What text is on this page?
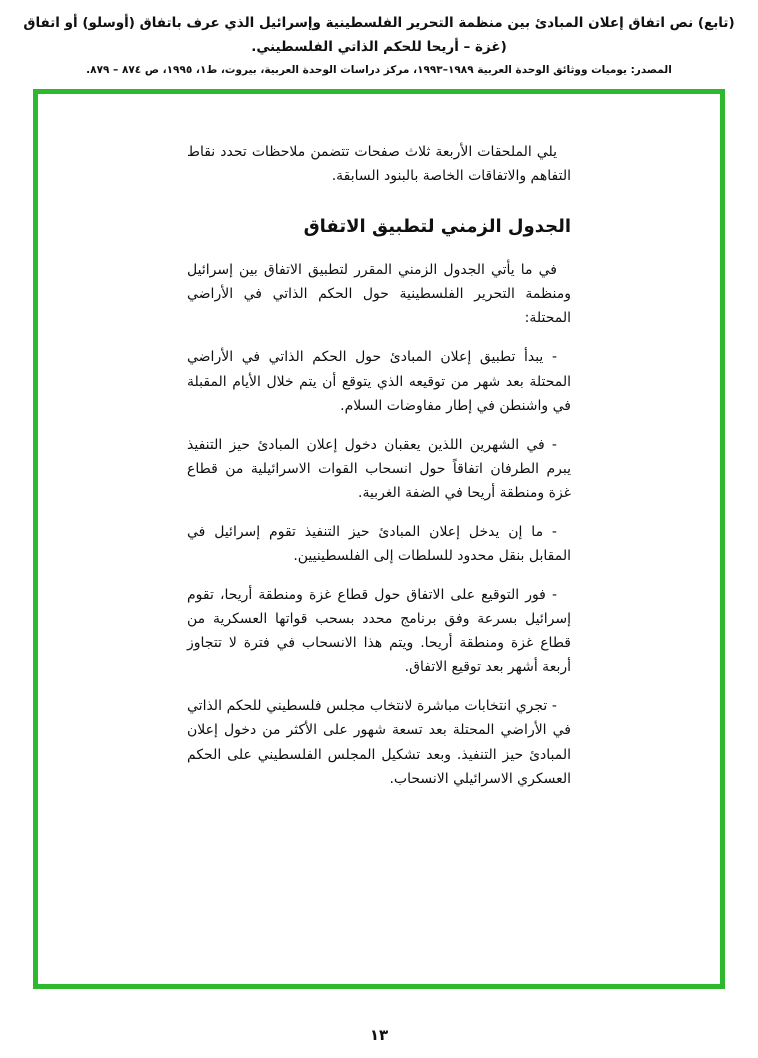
(تابع) نص اتفاق إعلان المبادئ بين منظمة التحرير الفلسطينية وإسرائيل الذي عرف باتفاق (أوسلو) أو اتفاق (غزة – أريحا للحكم الذاتي الفلسطيني.
المصدر: يوميات ووثائق الوحدة العربية ١٩٨٩–١٩٩٣، مركز دراسات الوحدة العربية، بيروت، ط١، ١٩٩٥، ص ٨٧٤ – ٨٧٩.

يلي الملحقات الأربعة ثلاث صفحات تتضمن ملاحظات تحدد نقاط التفاهم والاتفاقات الخاصة بالبنود السابقة.

الجدول الزمني لتطبيق الاتفاق

في ما يأتي الجدول الزمني المقرر لتطبيق الاتفاق بين إسرائيل ومنظمة التحرير الفلسطينية حول الحكم الذاتي في الأراضي المحتلة:

- يبدأ تطبيق إعلان المبادئ حول الحكم الذاتي في الأراضي المحتلة بعد شهر من توقيعه الذي يتوقع أن يتم خلال الأيام المقبلة في واشنطن في إطار مفاوضات السلام.

- في الشهرين اللذين يعقبان دخول إعلان المبادئ حيز التنفيذ يبرم الطرفان اتفاقاً حول انسحاب القوات الاسرائيلية من قطاع غزة ومنطقة أريحا في الضفة الغربية.

- ما إن يدخل إعلان المبادئ حيز التنفيذ تقوم إسرائيل في المقابل بنقل محدود للسلطات إلى الفلسطينيين.

- فور التوقيع على الاتفاق حول قطاع غزة ومنطقة أريحا، تقوم إسرائيل بسرعة وفق برنامج محدد بسحب قواتها العسكرية من قطاع غزة ومنطقة أريحا. ويتم هذا الانسحاب في فترة لا تتجاوز أربعة أشهر بعد توقيع الاتفاق.

- تجري انتخابات مباشرة لانتخاب مجلس فلسطيني للحكم الذاتي في الأراضي المحتلة بعد تسعة شهور على الأكثر من دخول إعلان المبادئ حيز التنفيذ. وبعد تشكيل المجلس الفلسطيني على الحكم العسكري الاسرائيلي الانسحاب.

١٣
